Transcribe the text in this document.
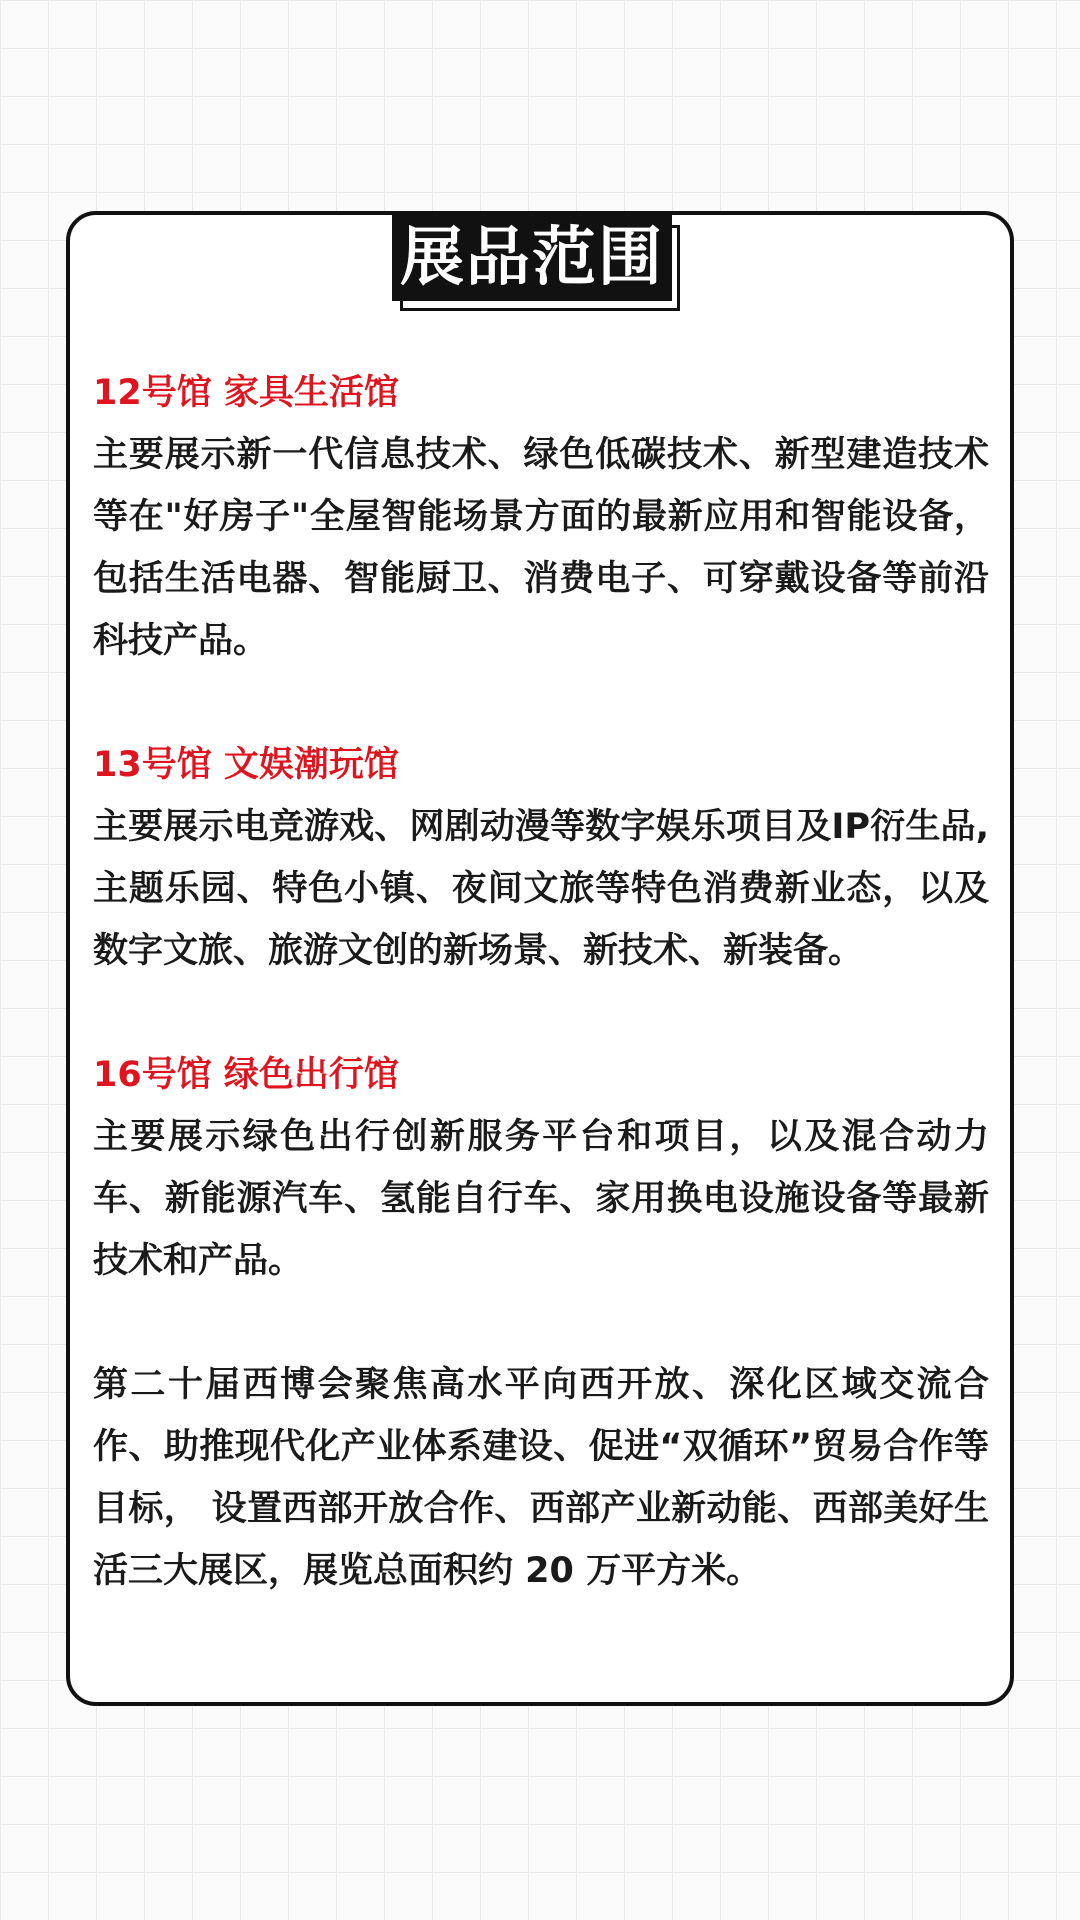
展品范围

12号馆 家具生活馆

主要展示新一代信息技术、绿色低碳技术、新型建造技术等在"好房子"全屋智能场景方面的最新应用和智能设备，包括生活电器、智能厨卫、消费电子、可穿戴设备等前沿科技产品。

13号馆 文娱潮玩馆

主要展示电竞游戏、网剧动漫等数字娱乐项目及IP衍生品,主题乐园、特色小镇、夜间文旅等特色消费新业态，以及数字文旅、旅游文创的新场景、新技术、新装备。

16号馆 绿色出行馆

主要展示绿色出行创新服务平台和项目，以及混合动力车、新能源汽车、氢能自行车、家用换电设施设备等最新技术和产品。

第二十届西博会聚焦高水平向西开放、深化区域交流合作、助推现代化产业体系建设、促进“双循环”贸易合作等目标， 设置西部开放合作、西部产业新动能、西部美好生活三大展区，展览总面积约 20 万平方米。
